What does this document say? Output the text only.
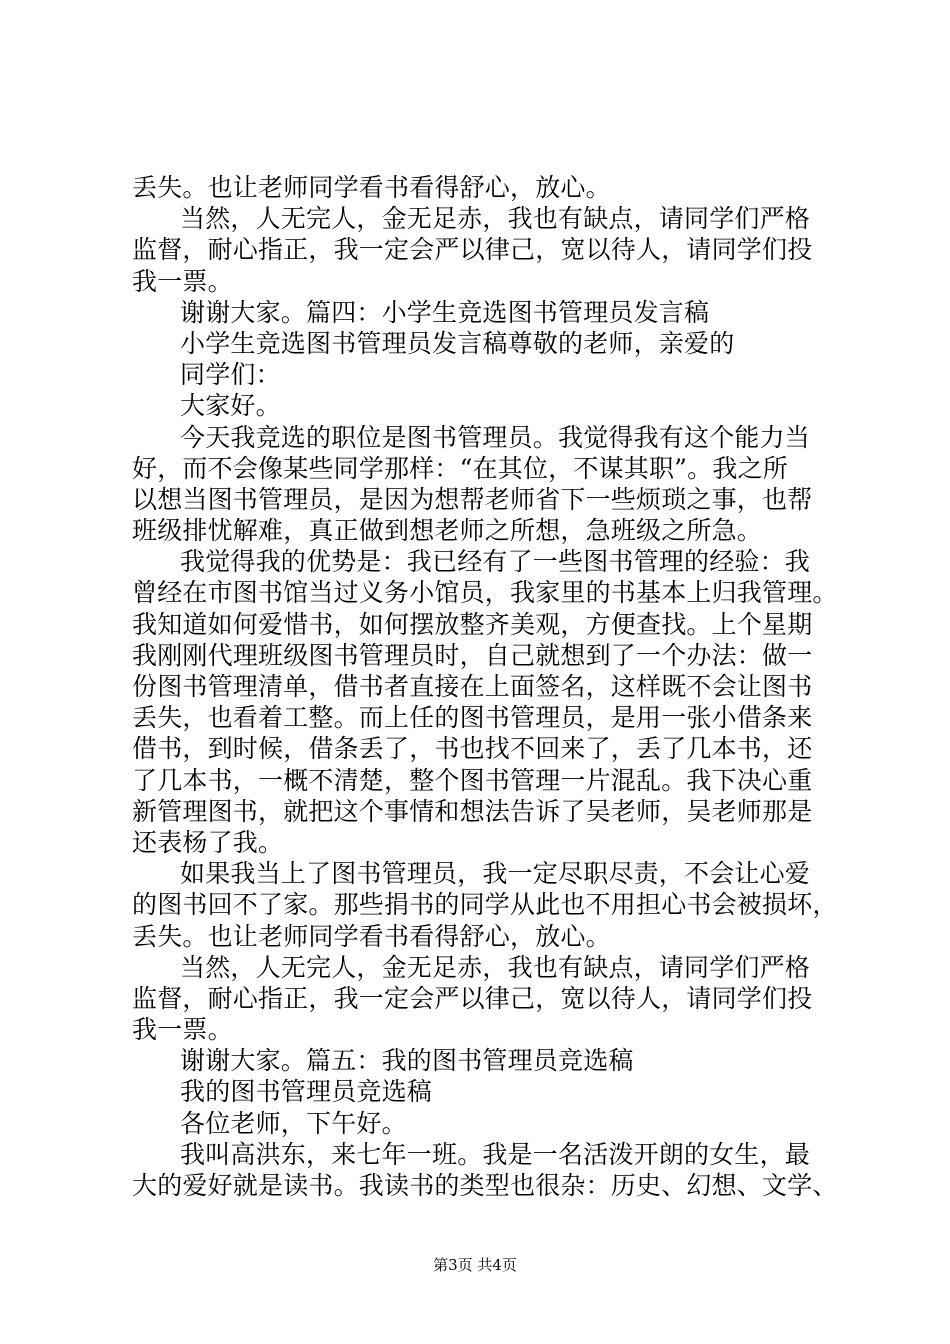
丢失。也让老师同学看书看得舒心，放心。
当然，人无完人，金无足赤，我也有缺点，请同学们严格
监督，耐心指正，我一定会严以律己，宽以待人，请同学们投
我一票。
谢谢大家。篇四：小学生竞选图书管理员发言稿
小学生竞选图书管理员发言稿尊敬的老师，亲爱的
同学们：
大家好。
今天我竞选的职位是图书管理员。我觉得我有这个能力当
好，而不会像某些同学那样：“在其位，不谋其职”。我之所
以想当图书管理员，是因为想帮老师省下一些烦琐之事，也帮
班级排忧解难，真正做到想老师之所想，急班级之所急。
我觉得我的优势是：我已经有了一些图书管理的经验：我
曾经在市图书馆当过义务小馆员，我家里的书基本上归我管理。
我知道如何爱惜书，如何摆放整齐美观，方便查找。上个星期
我刚刚代理班级图书管理员时，自己就想到了一个办法：做一
份图书管理清单，借书者直接在上面签名，这样既不会让图书
丢失，也看着工整。而上任的图书管理员，是用一张小借条来
借书，到时候，借条丢了，书也找不回来了，丢了几本书，还
了几本书，一概不清楚，整个图书管理一片混乱。我下决心重
新管理图书，就把这个事情和想法告诉了吴老师，吴老师那是
还表杨了我。
如果我当上了图书管理员，我一定尽职尽责，不会让心爱
的图书回不了家。那些捐书的同学从此也不用担心书会被损坏，
丢失。也让老师同学看书看得舒心，放心。
当然，人无完人，金无足赤，我也有缺点，请同学们严格
监督，耐心指正，我一定会严以律己，宽以待人，请同学们投
我一票。
谢谢大家。篇五：我的图书管理员竞选稿
我的图书管理员竞选稿
各位老师，下午好。
我叫高洪东，来七年一班。我是一名活泼开朗的女生，最
大的爱好就是读书。我读书的类型也很杂：历史、幻想、文学、
第3页 共4页
